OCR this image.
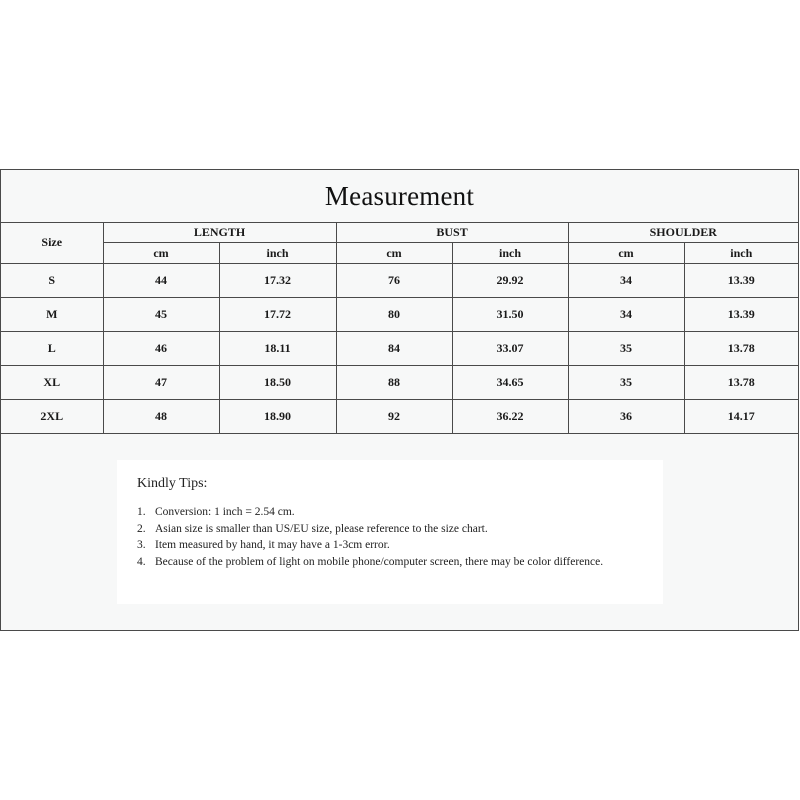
Measurement
Size	LENGTH		BUST		SHOULDER	
	cm	inch	cm	inch	cm	inch
S	44	17.32	76	29.92	34	13.39
M	45	17.72	80	31.50	34	13.39
L	46	18.11	84	33.07	35	13.78
XL	47	18.50	88	34.65	35	13.78
2XL	48	18.90	92	36.22	36	14.17
Kindly Tips:
1. Conversion: 1 inch = 2.54 cm.
2. Asian size is smaller than US/EU size, please reference to the size chart.
3. Item measured by hand, it may have a 1-3cm error.
4. Because of the problem of light on mobile phone/computer screen, there may be color difference.
